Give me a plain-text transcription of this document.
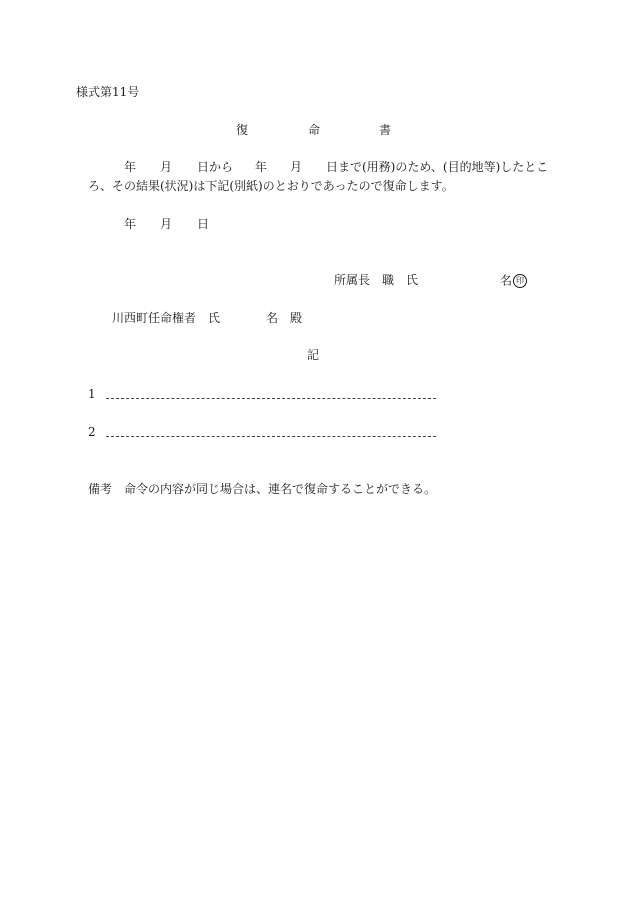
様式第11号
復	命	書
年 月 日から 年 月 日まで(用務)のため、(目的地等)したとこ
ろ、その結果(状況)は下記(別紙)のとおりであったので復命します。
年 月 日
所属長　職　氏	名 印
川西町任命権者　氏	名　殿
記
1
2
備考　命令の内容が同じ場合は、連名で復命することができる。
